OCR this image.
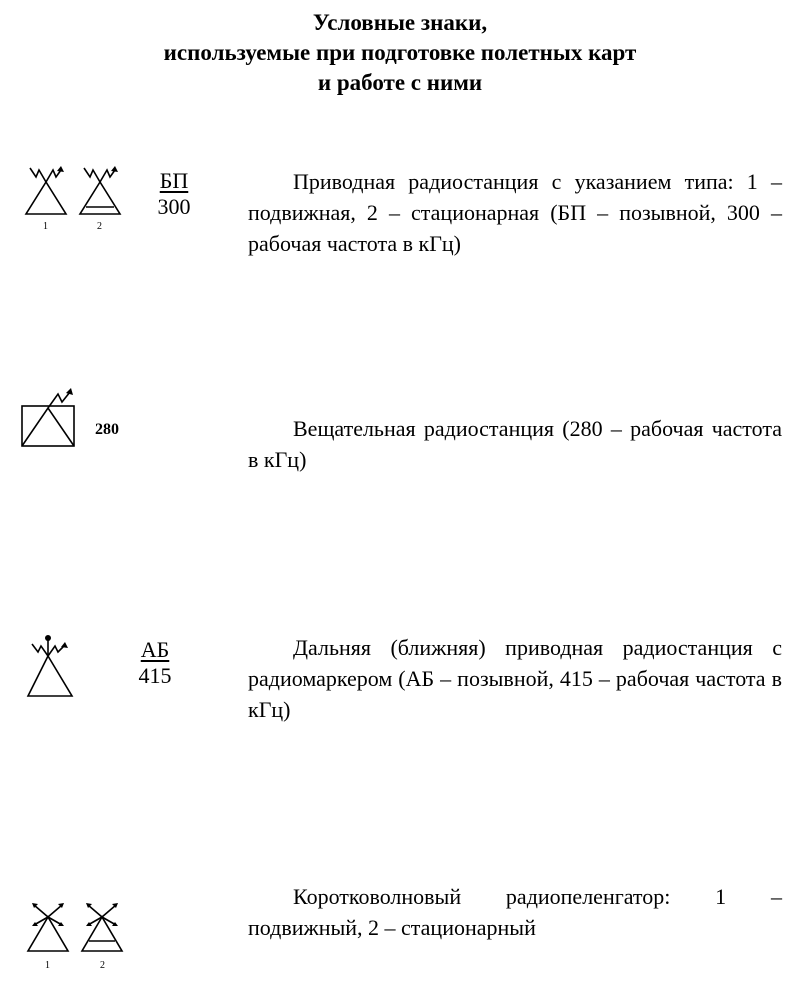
Условные знаки,
используемые при подготовке полетных карт
и работе с ними
1	2
БП
300
Приводная радиостанция с указанием типа: 1 – подвижная, 2 – стационарная (БП – позывной, 300 – рабочая частота в кГц)
280	Вещательная радиостанция (280 – рабочая частота в кГц)
АБ
415
Дальняя (ближняя) приводная радиостанция с радиомаркером (АБ – позывной, 415 – рабочая частота в кГц)
1	2
Коротковолновый радиопеленгатор: 1 – подвижный, 2 – стационарный
